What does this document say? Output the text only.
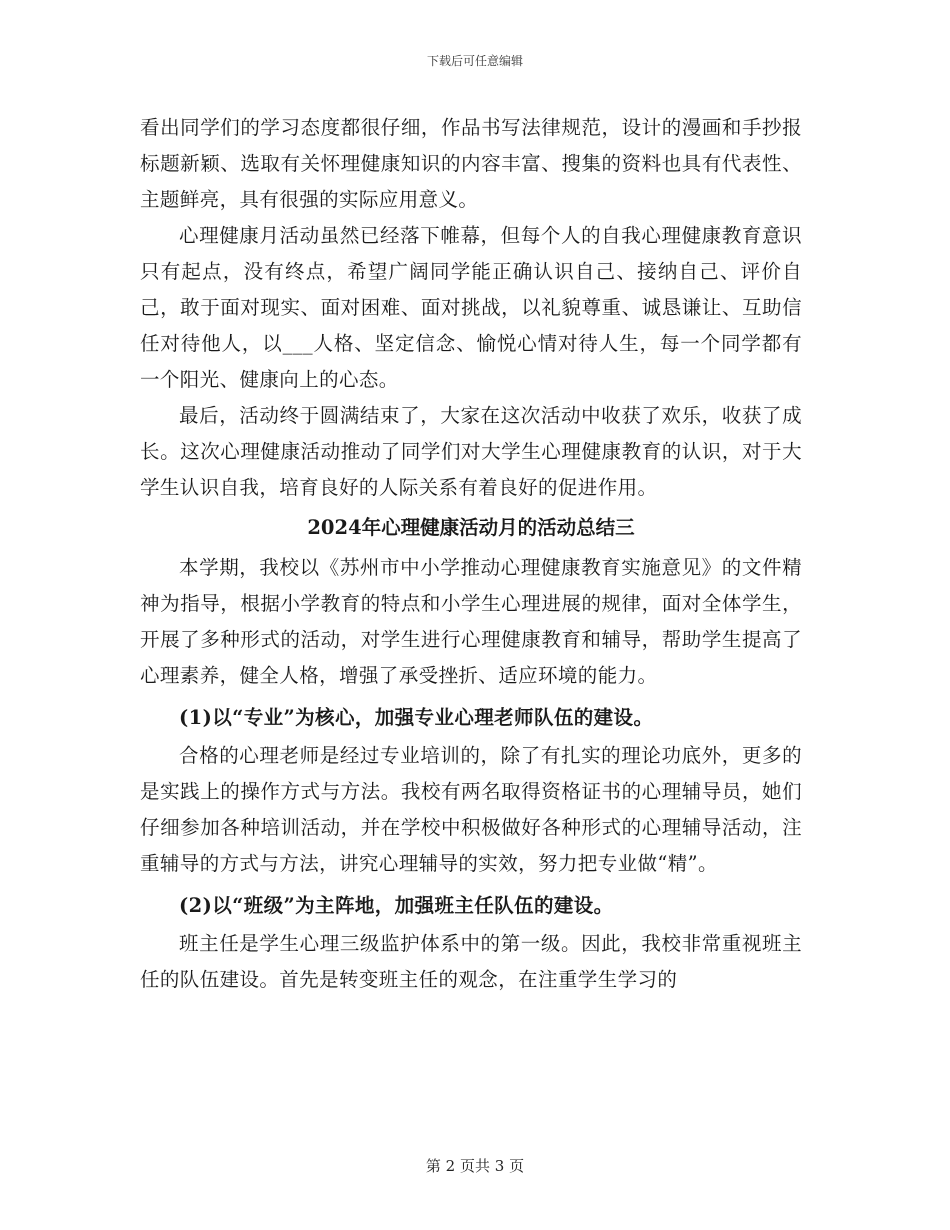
下载后可任意编辑

看出同学们的学习态度都很仔细，作品书写法律规范，设计的漫画和手抄报标题新颖、选取有关怀理健康知识的内容丰富、搜集的资料也具有代表性、主题鲜亮，具有很强的实际应用意义。

心理健康月活动虽然已经落下帷幕，但每个人的自我心理健康教育意识只有起点，没有终点，希望广阔同学能正确认识自己、接纳自己、评价自己，敢于面对现实、面对困难、面对挑战，以礼貌尊重、诚恳谦让、互助信任对待他人，以___人格、坚定信念、愉悦心情对待人生，每一个同学都有一个阳光、健康向上的心态。

最后，活动终于圆满结束了，大家在这次活动中收获了欢乐，收获了成长。这次心理健康活动推动了同学们对大学生心理健康教育的认识，对于大学生认识自我，培育良好的人际关系有着良好的促进作用。

2024年心理健康活动月的活动总结三

本学期，我校以《苏州市中小学推动心理健康教育实施意见》的文件精神为指导，根据小学教育的特点和小学生心理进展的规律，面对全体学生，开展了多种形式的活动，对学生进行心理健康教育和辅导，帮助学生提高了心理素养，健全人格，增强了承受挫折、适应环境的能力。

(1)以“专业”为核心，加强专业心理老师队伍的建设。

合格的心理老师是经过专业培训的，除了有扎实的理论功底外，更多的是实践上的操作方式与方法。我校有两名取得资格证书的心理辅导员，她们仔细参加各种培训活动，并在学校中积极做好各种形式的心理辅导活动，注重辅导的方式与方法，讲究心理辅导的实效，努力把专业做“精”。

(2)以“班级”为主阵地，加强班主任队伍的建设。

班主任是学生心理三级监护体系中的第一级。因此，我校非常重视班主任的队伍建设。首先是转变班主任的观念，在注重学生学习的

第 2 页共 3 页
